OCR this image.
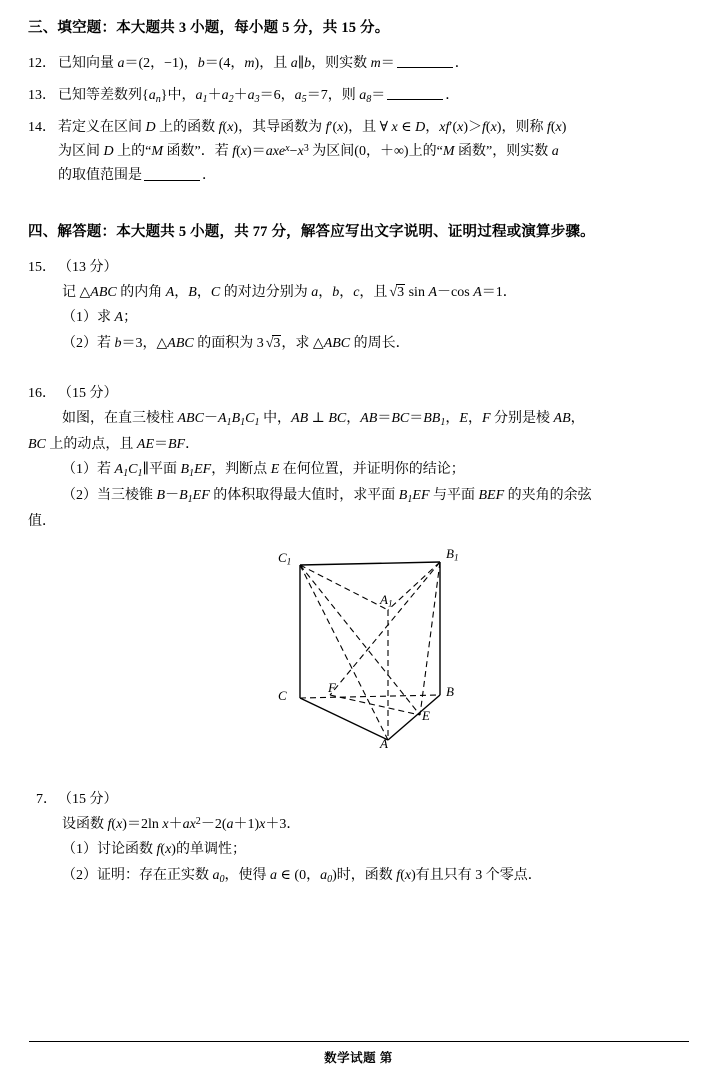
三、填空题：本大题共 3 小题，每小题 5 分，共 15 分。
12． 已知向量 a＝(2，−1)，b＝(4，m)，且 a∥b，则实数 m＝	．
13． 已知等差数列$\{a_n\}$中，$a_1+a_2+a_3=6$，$a_5=7$，则 $a_8=$	．
14． 若定义在区间 D 上的函数 f(x)，其导函数为 f′(x)，且 ∀ x ∈ D，xf′(x)＞f(x)，则称 f(x)
为区间 D 上的“M 函数”．若 $f(x)=axe^x-x^3$ 为区间(0，＋∞)上的“M 函数”，则实数 a
的取值范围是	．
四、解答题：本大题共 5 小题，共 77 分，解答应写出文字说明、证明过程或演算步骤。
15． （13 分）
记 △ABC 的内角 A，B，C 的对边分别为 a，b，c，且 √3 sin A－cos A＝1．
（1）求 A；
（2）若 b＝3，△ABC 的面积为 3 √3，求 △ABC 的周长．
16． （15 分）
如图，在直三棱柱 $ABC-A_1B_1C_1$ 中，AB ⊥ BC，$AB=BC=BB_1$，E，F 分别是棱 AB，
BC 上的动点，且 AE＝BF．
（1）若 $A_1C_1\parallel$平面 $B_1EF$，判断点 E 在何位置，并证明你的结论；
（2）当三棱锥 $B-B_1EF$ 的体积取得最大值时，求平面 $B_1EF$ 与平面 BEF 的夹角的余弦
值．
$C_1$
$B_1$
$A_1$
C	B
F
E
A
7． （15 分）
设函数 f(x)＝2ln $x+ax^2-2(a+1)x+3$．
（1）讨论函数 f(x)的单调性；
（2）证明：存在正实数 $a_0$，使得 a ∈ (0，$a_0$)时，函数 f(x)有且只有 3 个零点．
数学试题 第
